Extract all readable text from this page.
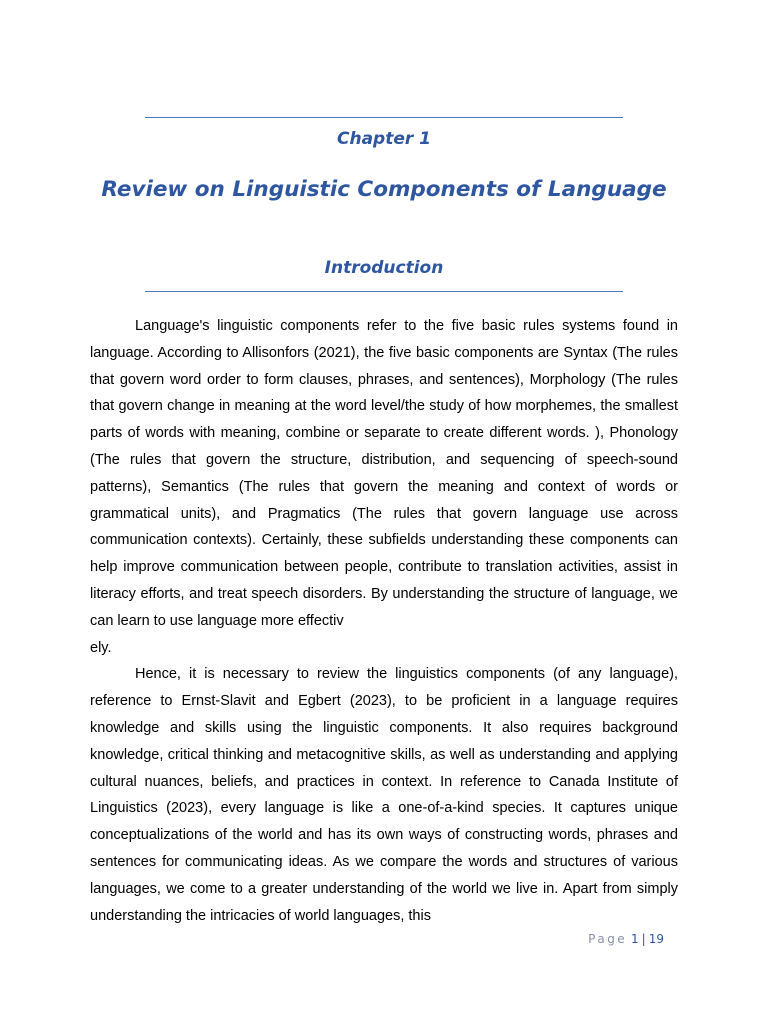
Chapter 1
Review on Linguistic Components of Language
Introduction

Language's linguistic components refer to the five basic rules systems found in language. According to Allisonfors (2021), the five basic components are Syntax (The rules that govern word order to form clauses, phrases, and sentences), Morphology (The rules that govern change in meaning at the word level/the study of how morphemes, the smallest parts of words with meaning, combine or separate to create different words. ), Phonology (The rules that govern the structure, distribution, and sequencing of speech-sound patterns), Semantics (The rules that govern the meaning and context of words or grammatical units), and Pragmatics (The rules that govern language use across communication contexts). Certainly, these subfields understanding these components can help improve communication between people, contribute to translation activities, assist in literacy efforts, and treat speech disorders. By understanding the structure of language, we can learn to use language more effectiv

ely.

Hence, it is necessary to review the linguistics components (of any language), reference to Ernst-Slavit and Egbert (2023), to be proficient in a language requires knowledge and skills using the linguistic components. It also requires background knowledge, critical thinking and metacognitive skills, as well as understanding and applying cultural nuances, beliefs, and practices in context. In reference to Canada Institute of Linguistics (2023), every language is like a one-of-a-kind species. It captures unique conceptualizations of the world and has its own ways of constructing words, phrases and sentences for communicating ideas. As we compare the words and structures of various languages, we come to a greater understanding of the world we live in. Apart from simply understanding the intricacies of world languages, this

Page 1 | 19
